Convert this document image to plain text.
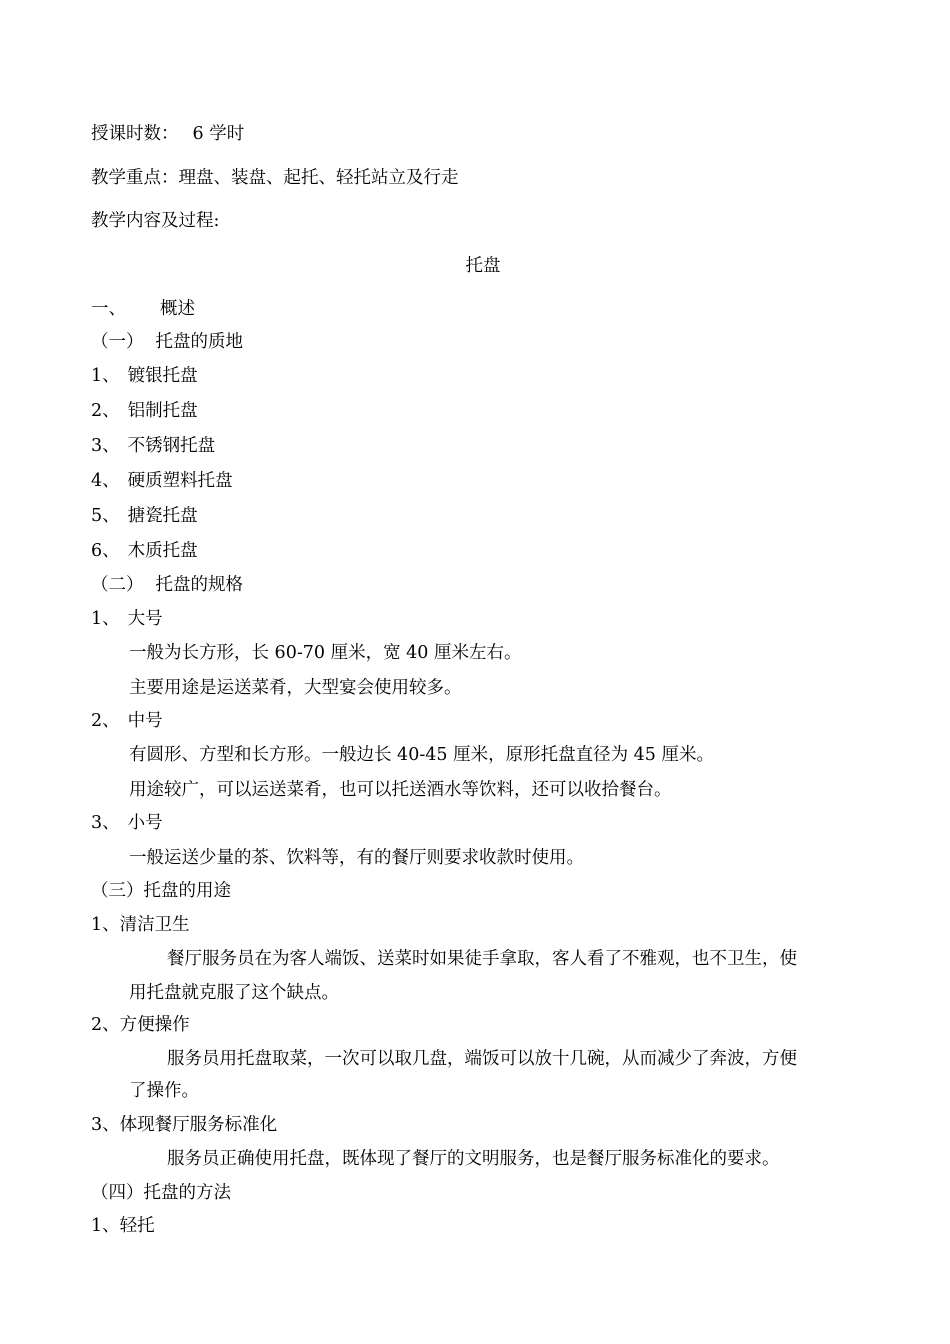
授课时数： 6 学时
教学重点：理盘、装盘、起托、轻托站立及行走
教学内容及过程:
托盘
一、 概述
（一） 托盘的质地
1、 镀银托盘
2、 铝制托盘
3、 不锈钢托盘
4、 硬质塑料托盘
5、 搪瓷托盘
6、 木质托盘
（二） 托盘的规格
1、 大号
一般为长方形，长 60-70 厘米，宽 40 厘米左右。
主要用途是运送菜肴，大型宴会使用较多。
2、 中号
有圆形、方型和长方形。一般边长 40-45 厘米，原形托盘直径为 45 厘米。
用途较广，可以运送菜肴，也可以托送酒水等饮料，还可以收拾餐台。
3、 小号
一般运送少量的茶、饮料等，有的餐厅则要求收款时使用。
（三）托盘的用途
1、清洁卫生
餐厅服务员在为客人端饭、送菜时如果徒手拿取，客人看了不雅观，也不卫生，使
用托盘就克服了这个缺点。
2、方便操作
服务员用托盘取菜，一次可以取几盘，端饭可以放十几碗，从而减少了奔波，方便
了操作。
3、体现餐厅服务标准化
服务员正确使用托盘，既体现了餐厅的文明服务，也是餐厅服务标准化的要求。
（四）托盘的方法
1、轻托
